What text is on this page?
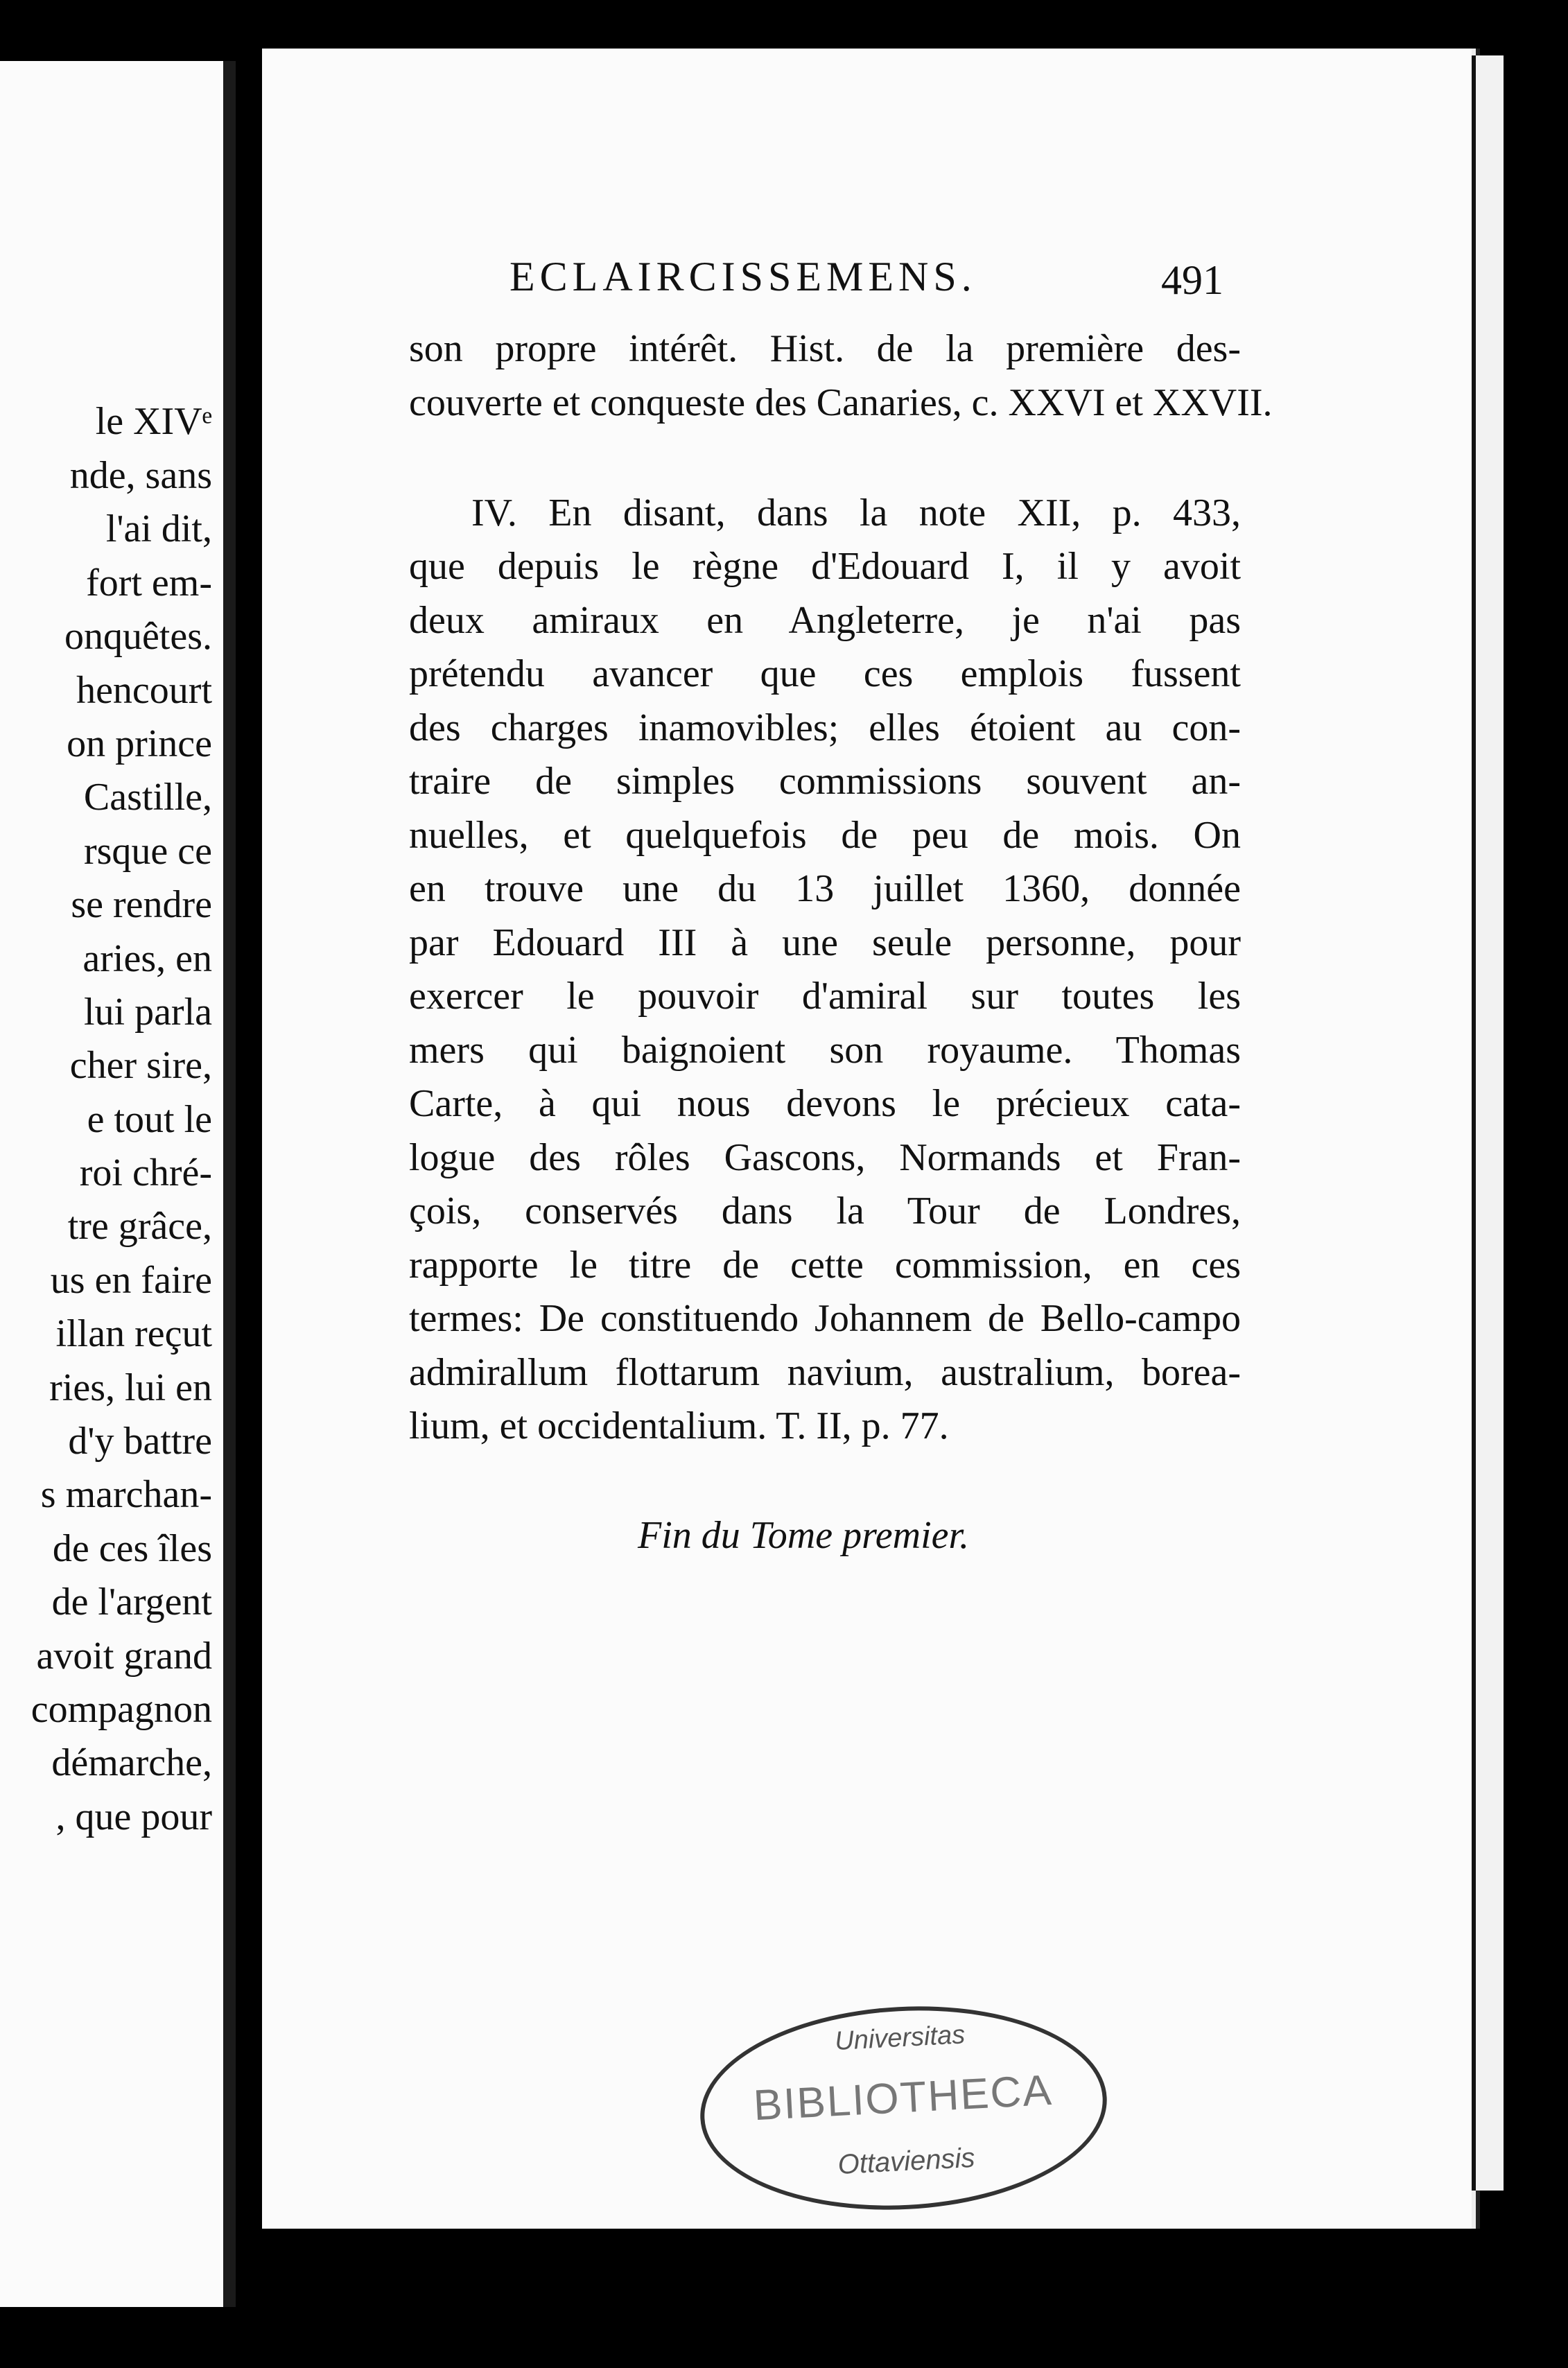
le XIVᵉ
nde, sans
l'ai dit,
fort em-
onquêtes.
hencourt
on prince
Castille,
rsque ce
se rendre
aries, en
lui parla
cher sire,
e tout le
roi chré-
tre grâce,
us en faire
illan reçut
ries, lui en
d'y battre
s marchan-
de ces îles
de l'argent
avoit grand
compagnon
démarche,
, que pour
ECLAIRCISSEMENS.	491
son propre intérêt. Hist. de la première des-
couverte et conqueste des Canaries, c. XXVI et XXVII.
IV. En disant, dans la note XII, p. 433,
que depuis le règne d'Edouard I, il y avoit
deux amiraux en Angleterre, je n'ai pas
prétendu avancer que ces emplois fussent
des charges inamovibles; elles étoient au con-
traire de simples commissions souvent an-
nuelles, et quelquefois de peu de mois. On
en trouve une du 13 juillet 1360, donnée
par Edouard III à une seule personne, pour
exercer le pouvoir d'amiral sur toutes les
mers qui baignoient son royaume. Thomas
Carte, à qui nous devons le précieux cata-
logue des rôles Gascons, Normands et Fran-
çois, conservés dans la Tour de Londres,
rapporte le titre de cette commission, en ces
termes: De constituendo Johannem de Bello-campo
admirallum flottarum navium, australium, borea-
lium, et occidentalium. T. II, p. 77.
Fin du Tome premier.
Universitas
BIBLIOTHECA
Ottaviensis
